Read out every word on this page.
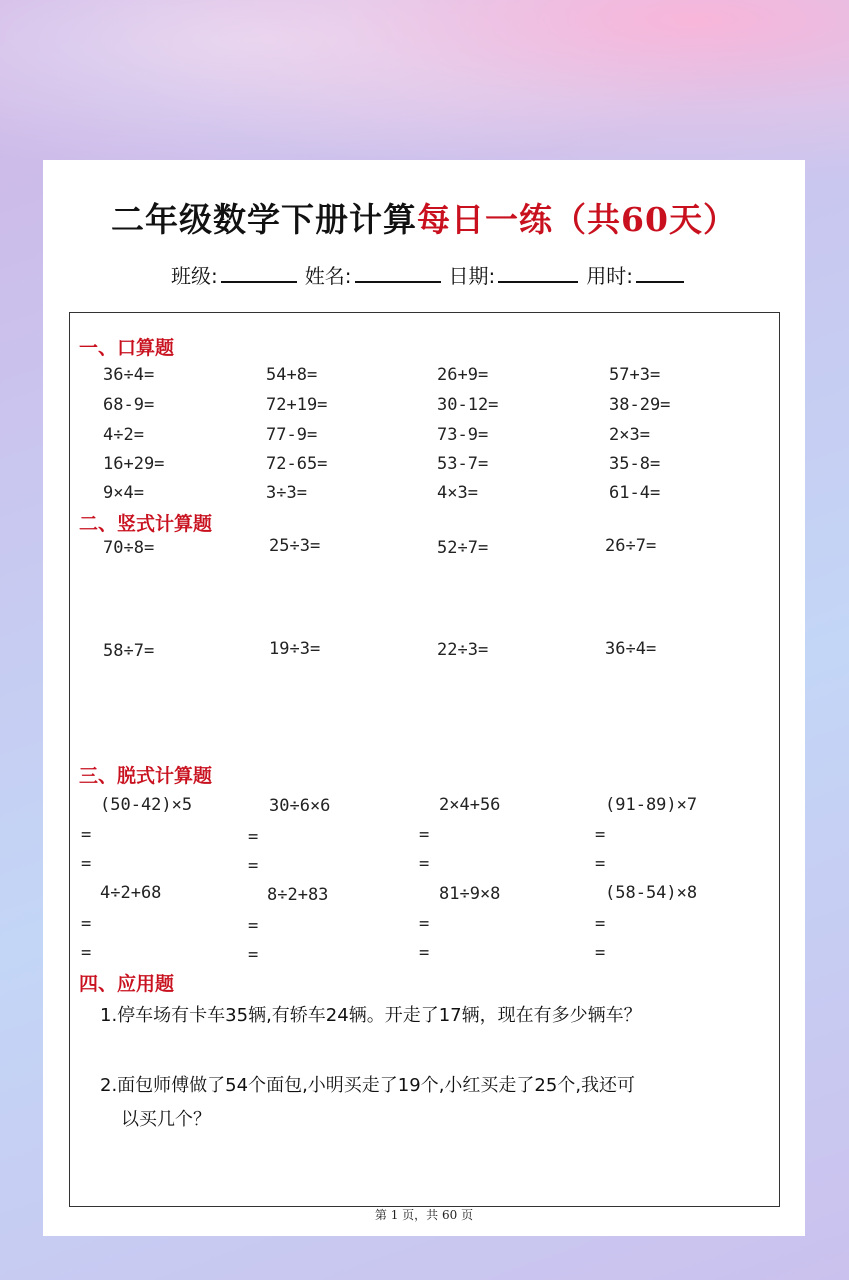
二年级数学下册计算每日一练（共60天）
班级:	姓名:	日期:	用时:
一、口算题
36÷4=	54+8=	26+9=	57+3=
68-9=	72+19=	30-12=	38-29=
4÷2=	77-9=	73-9=	2×3=
16+29=	72-65=	53-7=	35-8=
9×4=	3÷3=	4×3=	61-4=
二、竖式计算题
70÷8=	25÷3=	52÷7=	26÷7=
58÷7=	19÷3=	22÷3=	36÷4=
三、脱式计算题
(50-42)×5	30÷6×6	2×4+56	(91-89)×7
=	=	=	=
=	=	=	=
4÷2+68	8÷2+83	81÷9×8	(58-54)×8
=	=	=	=
=	=	=	=
四、应用题
1.停车场有卡车35辆,有轿车24辆。开走了17辆，现在有多少辆车？
2.面包师傅做了54个面包,小明买走了19个,小红买走了25个,我还可
以买几个？
第 1 页，共 60 页
